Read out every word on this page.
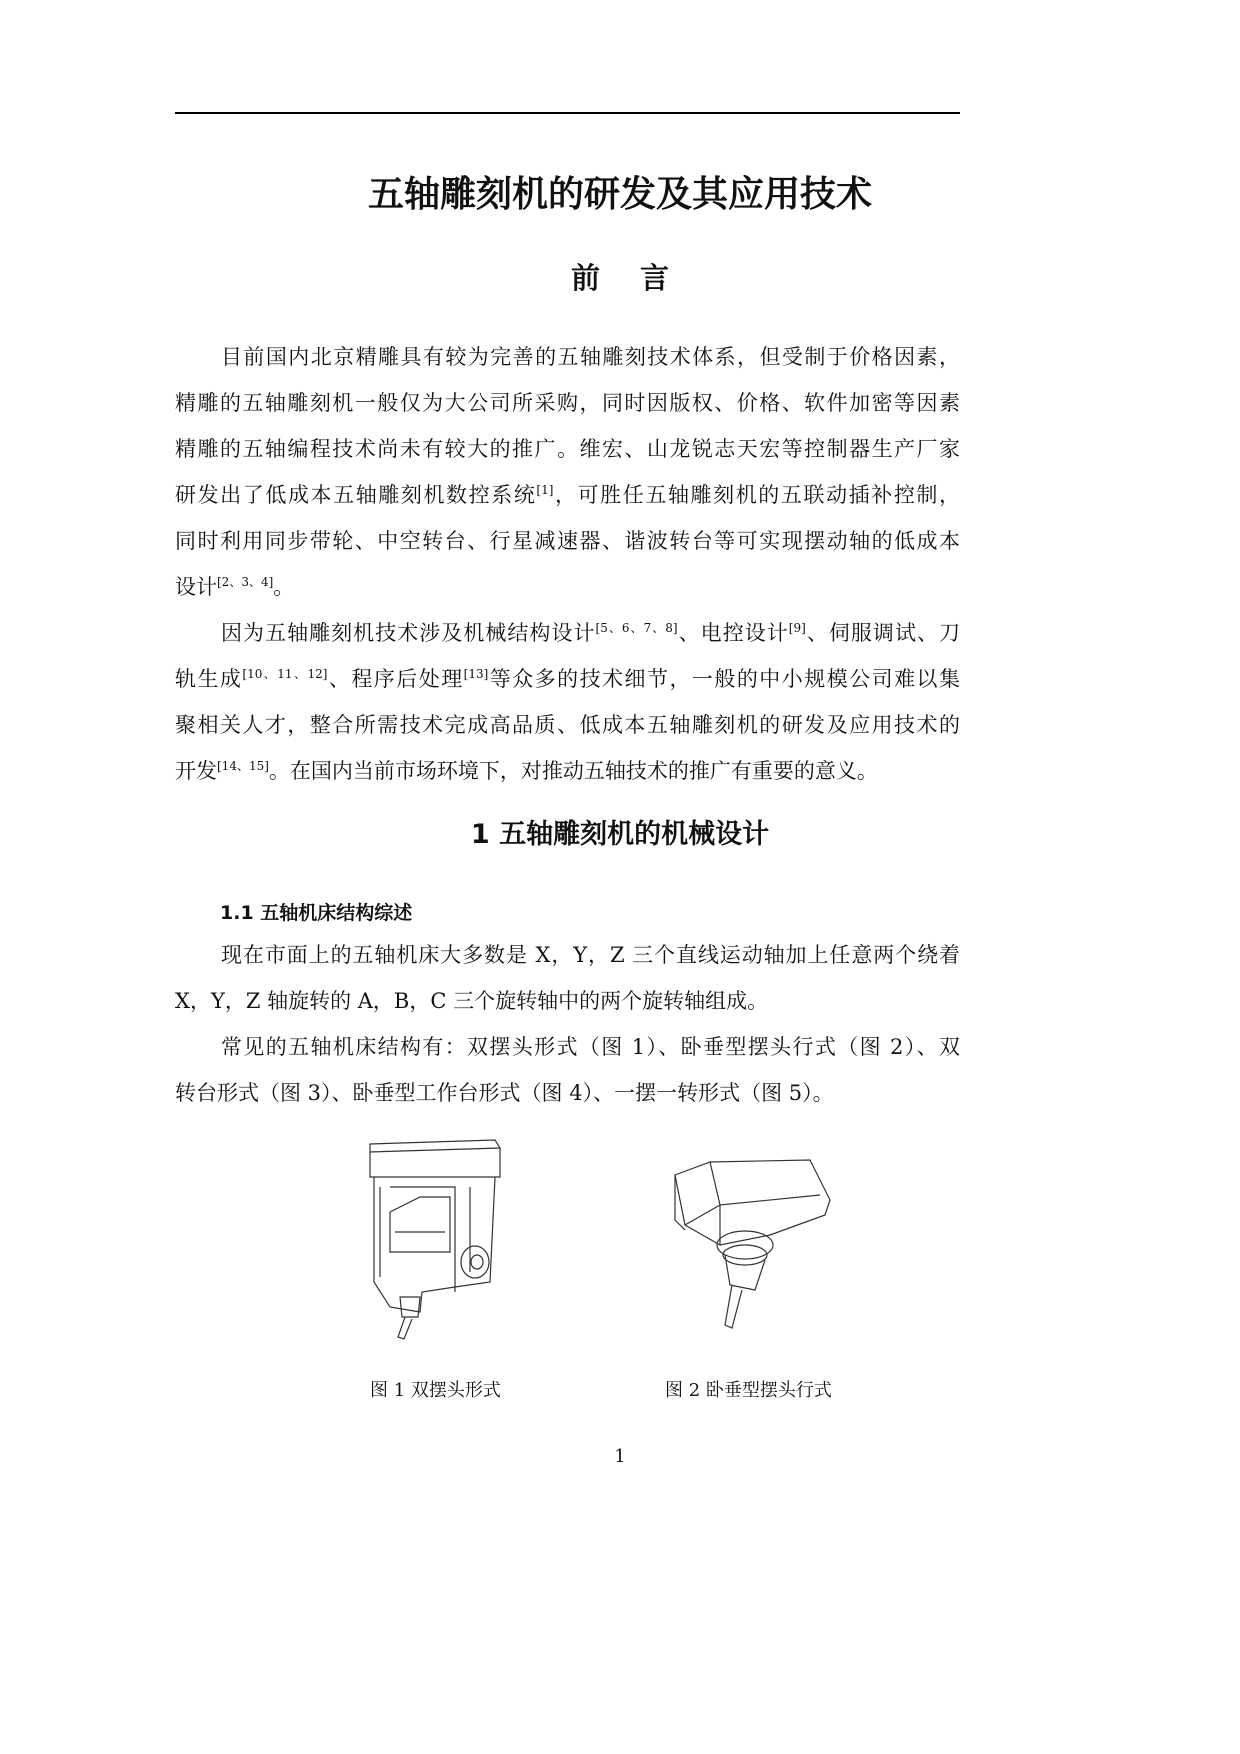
五轴雕刻机的研发及其应用技术
前言
目前国内北京精雕具有较为完善的五轴雕刻技术体系，但受制于价格因素，
精雕的五轴雕刻机一般仅为大公司所采购，同时因版权、价格、软件加密等因素
精雕的五轴编程技术尚未有较大的推广。维宏、山龙锐志天宏等控制器生产厂家
研发出了低成本五轴雕刻机数控系统[1]，可胜任五轴雕刻机的五联动插补控制，
同时利用同步带轮、中空转台、行星减速器、谐波转台等可实现摆动轴的低成本
设计[2、3、4]。
因为五轴雕刻机技术涉及机械结构设计[5、6、7、8]、电控设计[9]、伺服调试、刀
轨生成[10、11、12]、程序后处理[13]等众多的技术细节，一般的中小规模公司难以集
聚相关人才，整合所需技术完成高品质、低成本五轴雕刻机的研发及应用技术的
开发[14、15]。在国内当前市场环境下，对推动五轴技术的推广有重要的意义。
现在市面上的五轴机床大多数是 X，Y，Z 三个直线运动轴加上任意两个绕着
X，Y，Z 轴旋转的 A，B，C 三个旋转轴中的两个旋转轴组成。
常见的五轴机床结构有：双摆头形式（图 1）、卧垂型摆头行式（图 2）、双
转台形式（图 3）、卧垂型工作台形式（图 4）、一摆一转形式（图 5）。
1 五轴雕刻机的机械设计
1.1 五轴机床结构综述
图 1 双摆头形式	图 2 卧垂型摆头行式
1
